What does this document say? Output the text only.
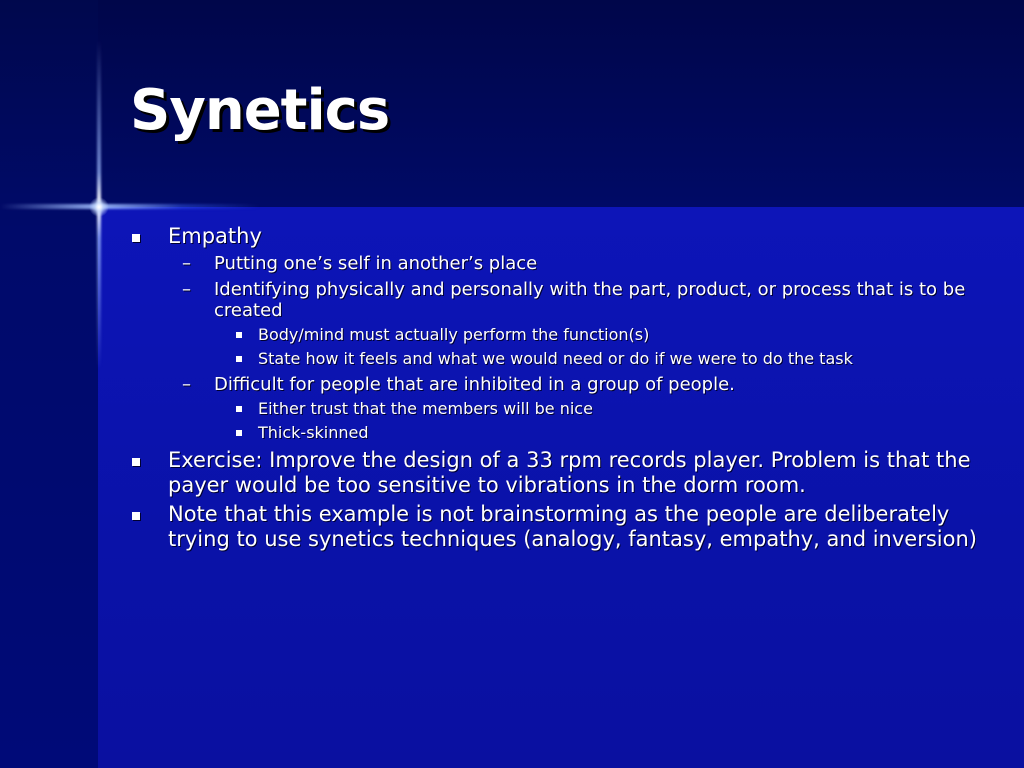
Synetics
Empathy
– Putting one’s self in another’s place
– Identifying physically and personally with the part, product, or process that is to be created
Body/mind must actually perform the function(s)
State how it feels and what we would need or do if we were to do the task
– Difficult for people that are inhibited in a group of people.
Either trust that the members will be nice
Thick-skinned
Exercise: Improve the design of a 33 rpm records player. Problem is that the payer would be too sensitive to vibrations in the dorm room.
Note that this example is not brainstorming as the people are deliberately trying to use synetics techniques (analogy, fantasy, empathy, and inversion)
